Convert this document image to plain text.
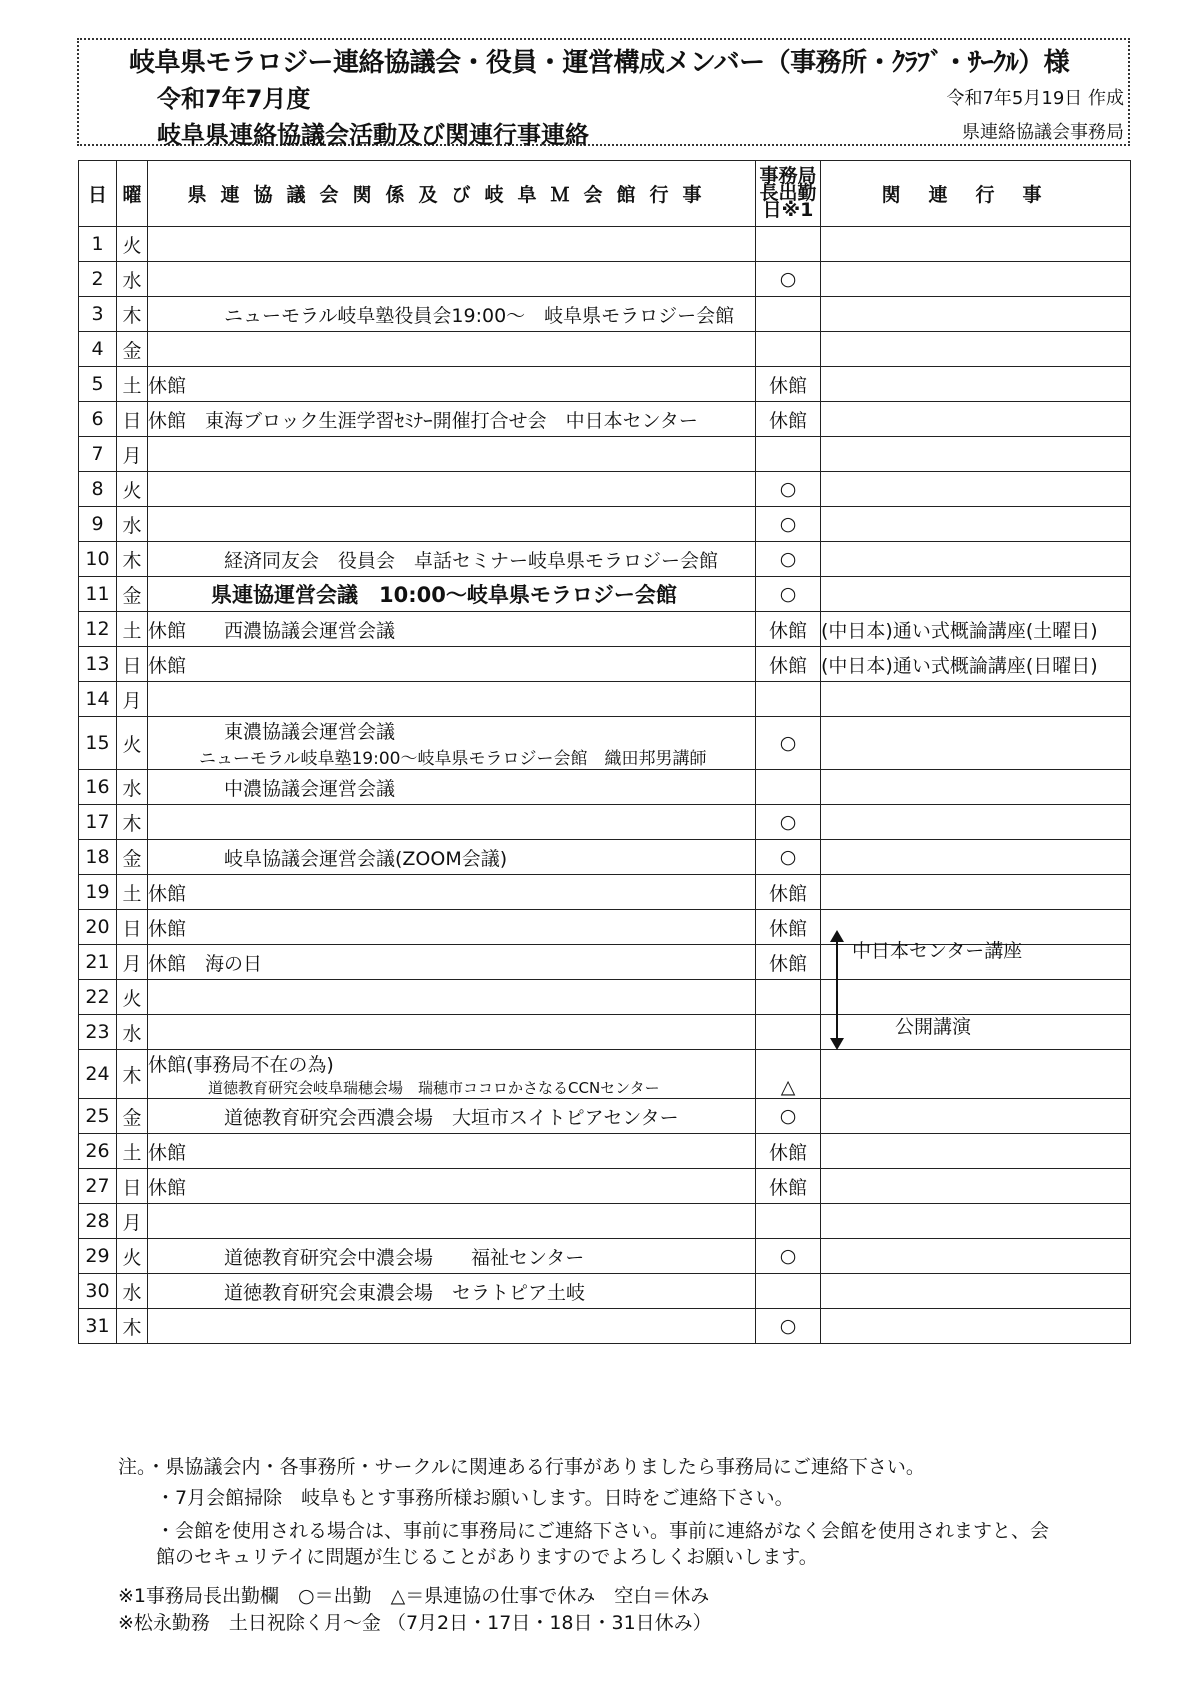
岐阜県モラロジー連絡協議会・役員・運営構成メンバー（事務所・ｸﾗﾌﾞ・ｻｰｸﾙ）様
令和7年7月度
岐阜県連絡協議会活動及び関連行事連絡
令和7年5月19日 作成
県連絡協議会事務局
日	曜	県連協議会関係及び岐阜Ｍ会館行事	事務局長出勤日※1	関連行事
1	火	

2	水		○	
3	木	　　　　ニューモラル岐阜塾役員会19:00～　岐阜県モラロジー会館		

4	金	

5	土	休館	休館	
6	日	休館　東海ブロック生涯学習ｾﾐﾅｰ開催打合せ会　中日本センター	休館	
7	月	

8	火		○	
9	水		○	
10	木	　　　　経済同友会　役員会　卓話セミナー岐阜県モラロジー会館	○	
11	金	　　　県連協運営会議　10:00～岐阜県モラロジー会館	○	
12	土	休館　　西濃協議会運営会議	休館	(中日本)通い式概論講座(土曜日)
13	日	休館	休館	(中日本)通い式概論講座(日曜日)
14	月	

15	火	　　　　東濃協議会運営会議
　　　ニューモラル岐阜塾19:00～岐阜県モラロジー会館　織田邦男講師	○	
16	水	　　　　中濃協議会運営会議		

17	木		○	
18	金	　　　　岐阜協議会運営会議(ZOOM会議)	○	
19	土	休館	休館	
20	日	休館	休館	
21	月	休館　海の日	休館	
22	火	

23	水	

24	木	休館(事務局不在の為)
　　　　道徳教育研究会岐阜瑞穂会場　瑞穂市ココロかさなるCCNセンター	△	
25	金	　　　　道徳教育研究会西濃会場　大垣市スイトピアセンター	○	
26	土	休館	休館	
27	日	休館	休館	
28	月	

29	火	　　　　道徳教育研究会中濃会場　　福祉センター	○	
30	水	　　　　道徳教育研究会東濃会場　セラトピア土岐		

31	木		○	
中日本センター講座
公開講演

注。・県協議会内・各事務所・サークルに関連ある行事がありましたら事務局にご連絡下さい。

　　・7月会館掃除　岐阜もとす事務所様お願いします。日時をご連絡下さい。

　　・会館を使用される場合は、事前に事務局にご連絡下さい。事前に連絡がなく会館を使用されますと、会

　　館のセキュリテイに問題が生じることがありますのでよろしくお願いします。

※1事務局長出勤欄　○＝出勤　△＝県連協の仕事で休み　空白＝休み

※松永勤務　土日祝除く月～金 （7月2日・17日・18日・31日休み）
